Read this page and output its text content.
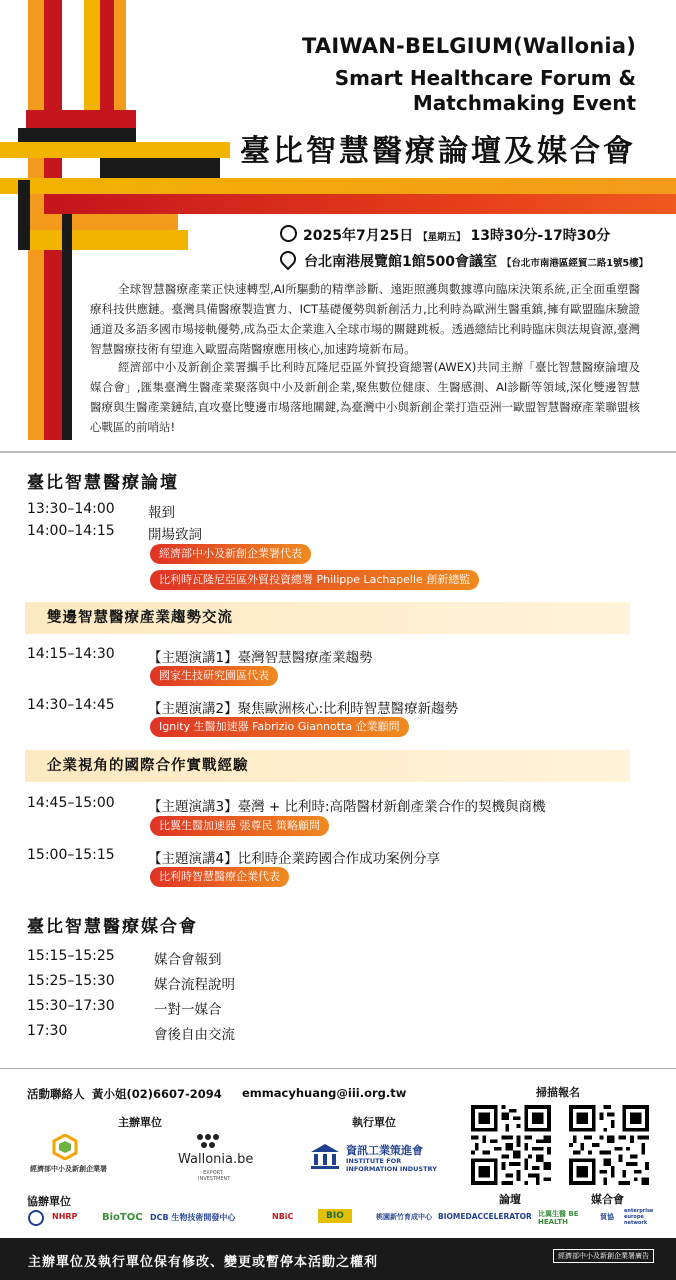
TAIWAN-BELGIUM(Wallonia)
Smart Healthcare Forum &
Matchmaking Event
臺比智慧醫療論壇及媒合會
2025年7月25日 【星期五】 13時30分-17時30分
台北南港展覽館1館500會議室 【台北市南港區經貿二路1號5樓】
全球智慧醫療產業正快速轉型,AI所驅動的精準診斷、遠距照護與數據導向臨床決策系統,正全面重塑醫療科技供應鏈。臺灣具備醫療製造實力、ICT基礎優勢與新創活力,比利時為歐洲生醫重鎮,擁有歐盟臨床驗證通道及多語多國市場接軌優勢,成為亞太企業進入全球市場的關鍵跳板。透過總結比利時臨床與法規資源,臺灣智慧醫療技術有望進入歐盟高階醫療應用核心,加速跨境新布局。
經濟部中小及新創企業署攜手比利時瓦隆尼亞區外貿投資總署(AWEX)共同主辦「臺比智慧醫療論壇及媒合會」,匯集臺灣生醫產業聚落與中小及新創企業,聚焦數位健康、生醫感測、AI診斷等領域,深化雙邊智慧醫療與生醫產業鏈結,直攻臺比雙邊市場落地關鍵,為臺灣中小與新創企業打造亞洲一歐盟智慧醫療產業聯盟核心戰區的前哨站!
臺比智慧醫療論壇
13:30–14:00 報到
14:00–14:15 開場致詞
經濟部中小及新創企業署代表
比利時瓦隆尼亞區外貿投資總署 Philippe Lachapelle 創新總監
雙邊智慧醫療產業趨勢交流
14:15–14:30 【主題演講1】臺灣智慧醫療產業趨勢
國家生技研究園區代表
14:30–14:45 【主題演講2】聚焦歐洲核心:比利時智慧醫療新趨勢
Ignity 生醫加速器 Fabrizio Giannotta 企業顧問
企業視角的國際合作實戰經驗
14:45–15:00 【主題演講3】臺灣 + 比利時:高階醫材新創產業合作的契機與商機
比翼生醫加速器 張尊民 策略顧問
15:00–15:15 【主題演講4】比利時企業跨國合作成功案例分享
比利時智慧醫療企業代表
臺比智慧醫療媒合會
15:15–15:25	媒合會報到
15:25–15:30	媒合流程說明
15:30–17:30	一對一媒合
17:30	會後自由交流
活動聯絡人 黃小姐(02)6607-2094 emmacyhuang@iii.org.tw
主辦單位	執行單位
掃描報名
經濟部中小及新創企業署
Wallonia.be
EXPORT INVESTMENT
資訊工業策進會
INSTITUTE FOR
INFORMATION INDUSTRY
論壇	媒合會
協辦單位
NHRP BioTOC DCB 生物技術開發中心	NBiC	BIO	桃園新竹育成中心 BIOMEDACCELERATOR 比翼生醫 BE HEALTH
貿協
enterprise europe network
主辦單位及執行單位保有修改、變更或暫停本活動之權利	經濟部中小及新創企業署廣告
